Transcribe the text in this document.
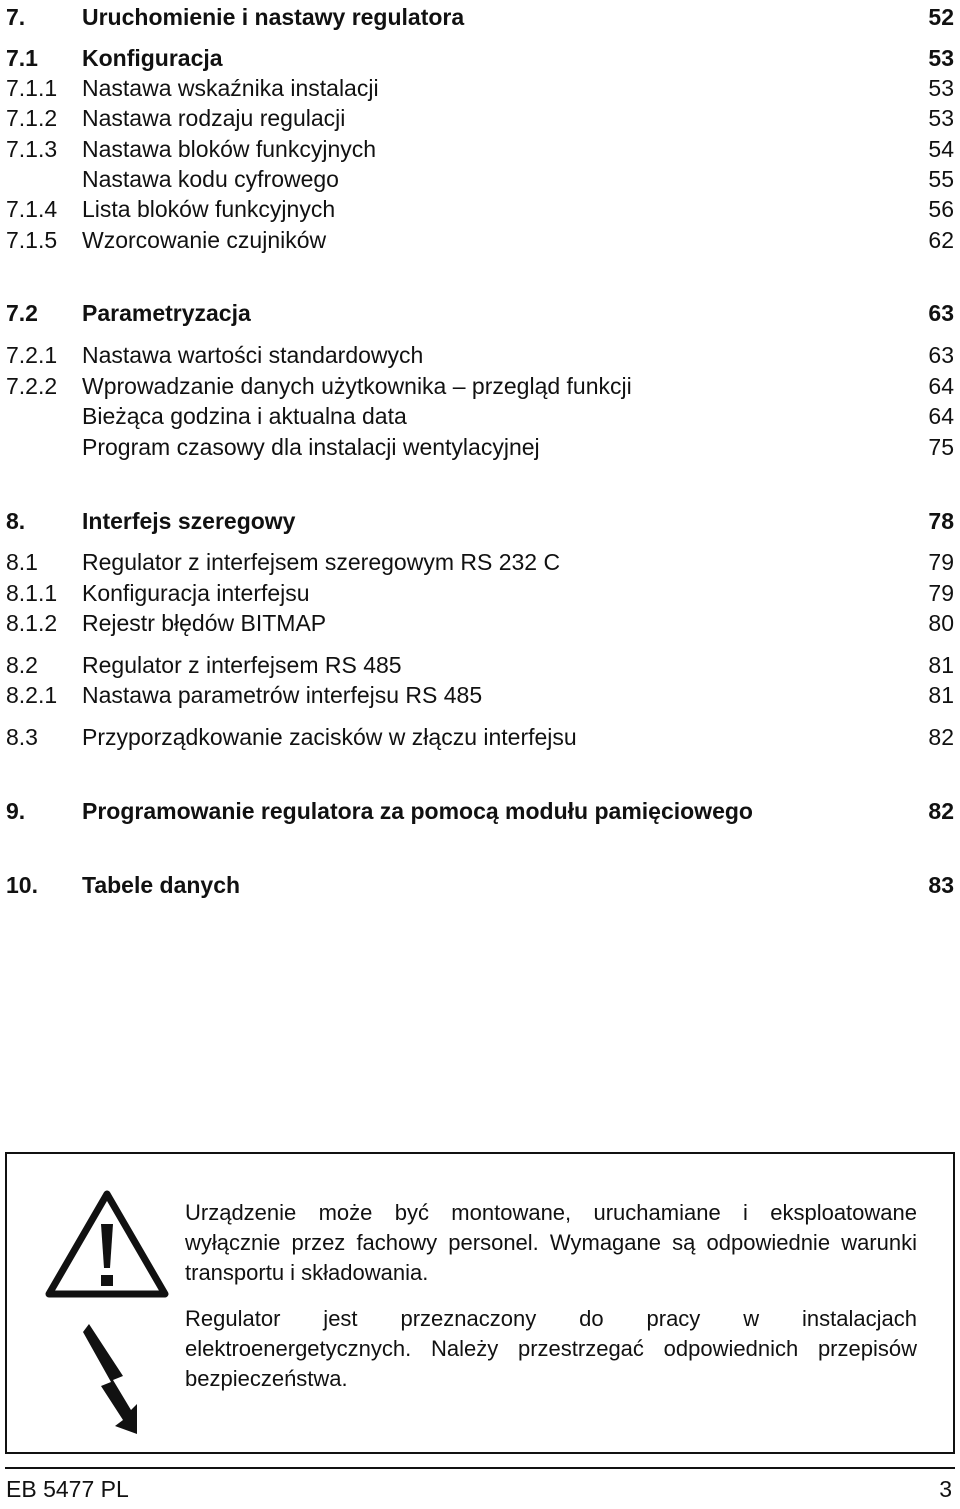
7.	Uruchomienie i nastawy regulatora	52
7.1	Konfiguracja	53
7.1.1	Nastawa wskaźnika instalacji	53
7.1.2	Nastawa rodzaju regulacji	53
7.1.3	Nastawa bloków funkcyjnych	54
Nastawa kodu cyfrowego	55
7.1.4	Lista bloków funkcyjnych	56
7.1.5	Wzorcowanie czujników	62
7.2	Parametryzacja	63
7.2.1	Nastawa wartości standardowych	63
7.2.2	Wprowadzanie danych użytkownika – przegląd funkcji	64
Bieżąca godzina i aktualna data	64
Program czasowy dla instalacji wentylacyjnej	75
8.	Interfejs szeregowy	78
8.1	Regulator z interfejsem szeregowym RS 232 C	79
8.1.1	Konfiguracja interfejsu	79
8.1.2	Rejestr błędów BITMAP	80
8.2	Regulator z interfejsem RS 485	81
8.2.1	Nastawa parametrów interfejsu RS 485	81
8.3	Przyporządkowanie zacisków w złączu interfejsu	82
9.	Programowanie regulatora za pomocą modułu pamięciowego	82
10.	Tabele danych	83

Urządzenie może być montowane, uruchamiane i eksploatowane wyłącznie przez fachowy personel. Wymagane są odpowiednie warunki transportu i składowania.

Regulator jest przeznaczony do pracy w instalacjach elektroenergetycznych. Należy przestrzegać odpowiednich przepisów bezpieczeństwa.

EB 5477 PL	3
